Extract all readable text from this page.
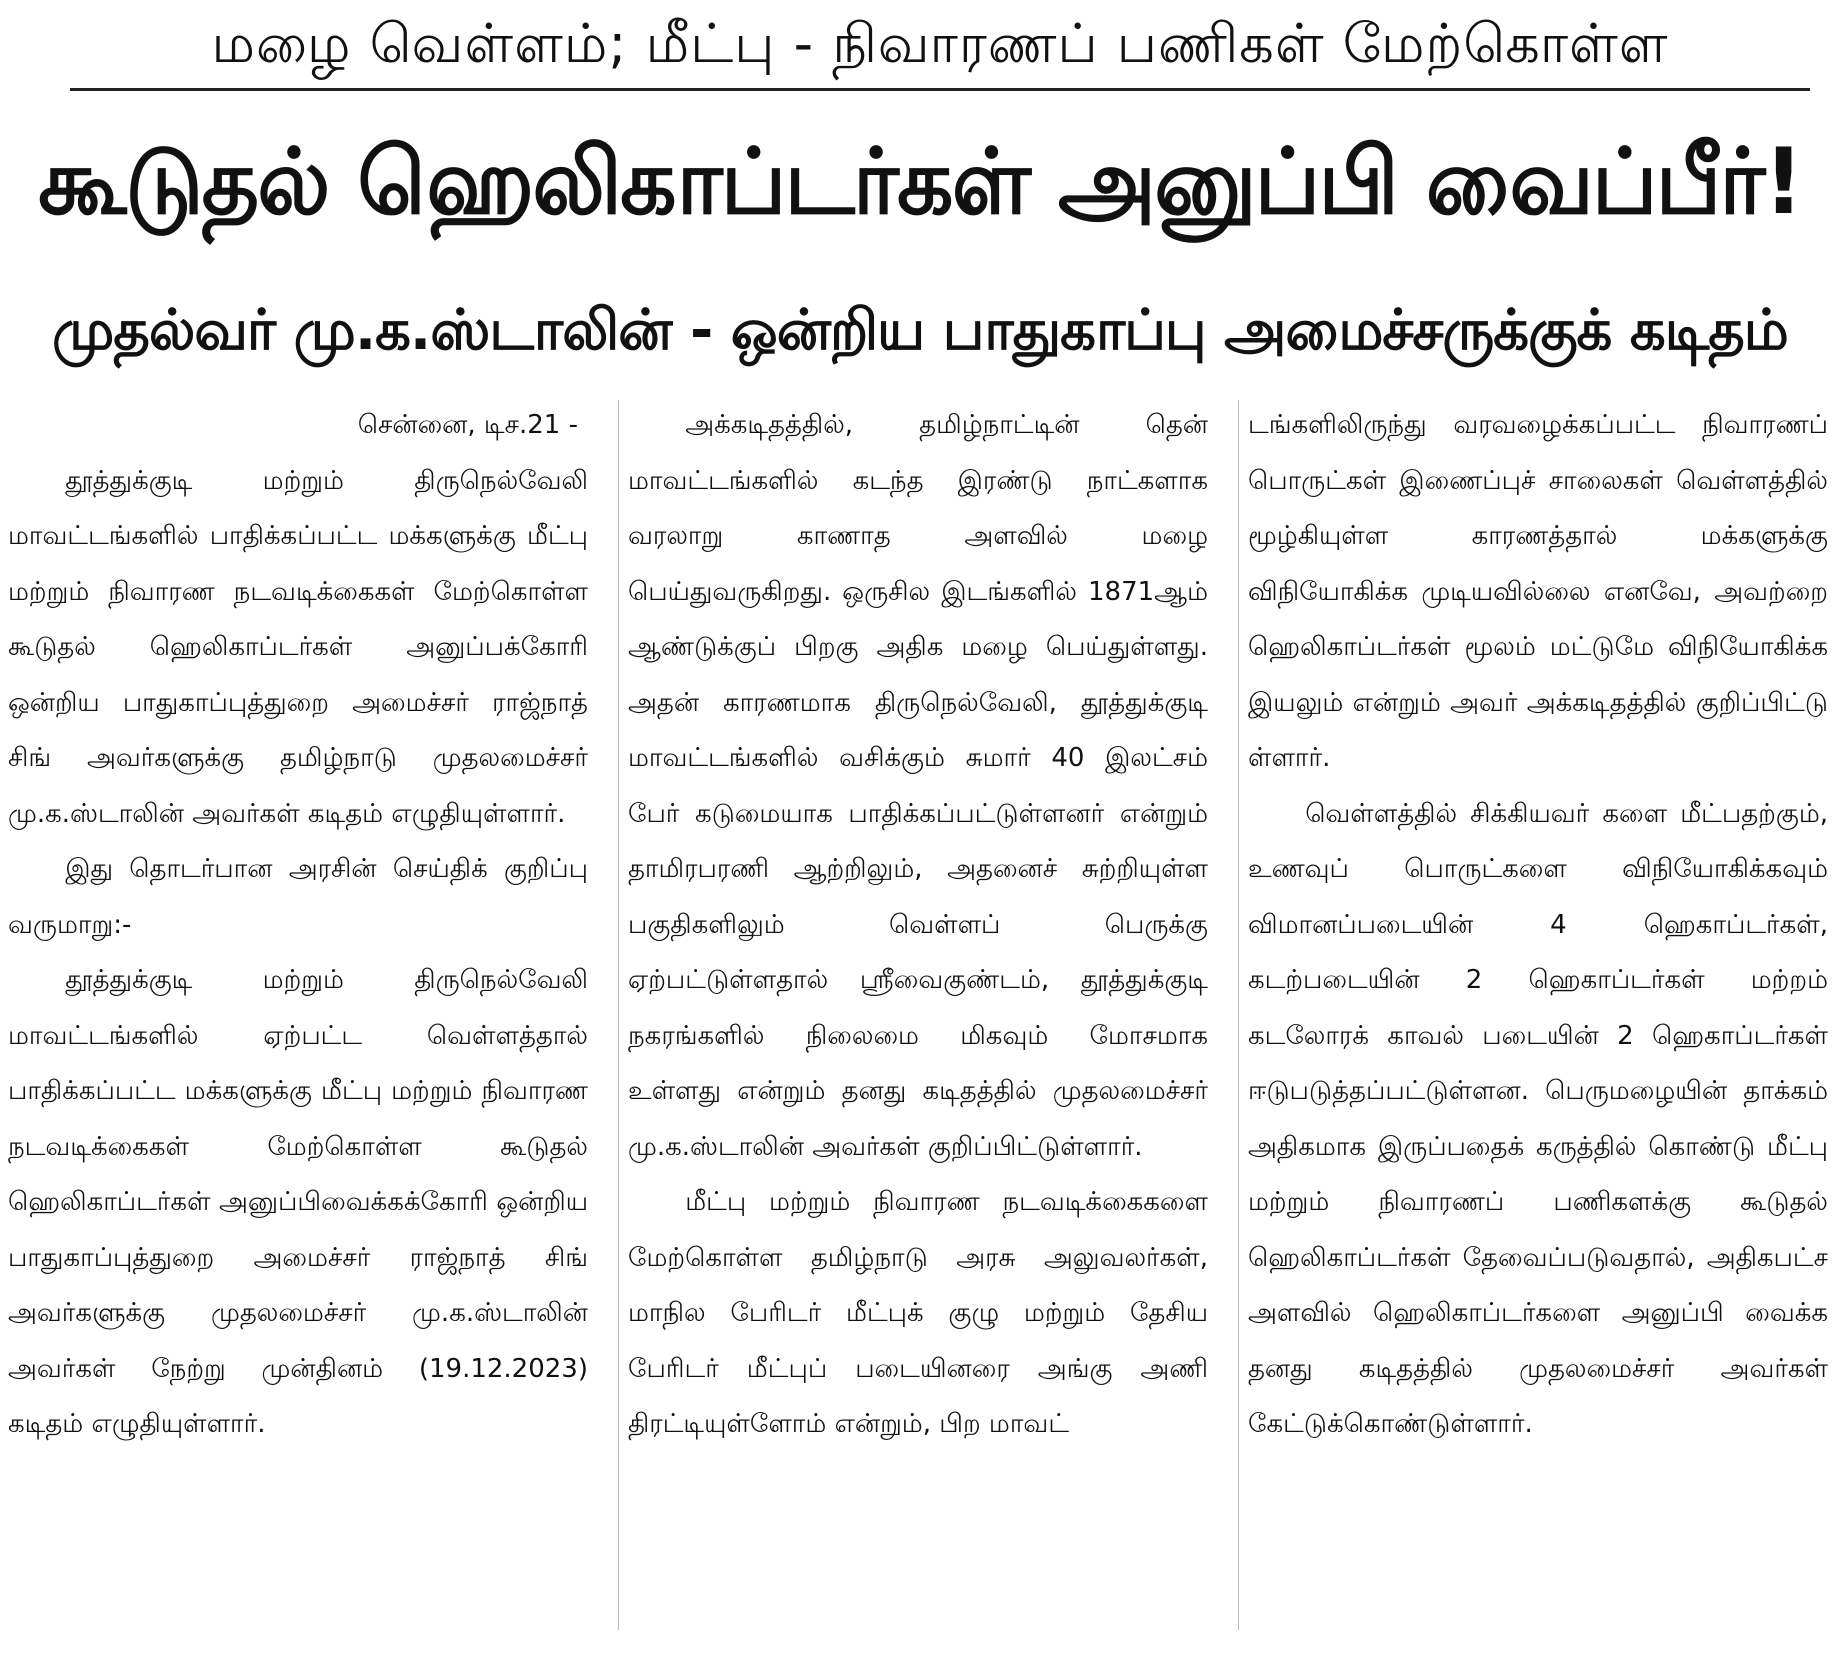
மழை வெள்ளம்; மீட்பு - நிவாரணப் பணிகள் மேற்கொள்ள
கூடுதல் ஹெலிகாப்டர்கள் அனுப்பி வைப்பீர்!
முதல்வர் மு.க.ஸ்டாலின் - ஒன்றிய பாதுகாப்பு அமைச்சருக்குக் கடிதம்

சென்னை, டிச.21 -

தூத்துக்குடி மற்றும் திருநெல்வேலி மாவட்டங்களில் பாதிக்கப்பட்ட மக்களுக்கு மீட்பு மற்றும் நிவாரண நடவடிக்கைகள் மேற்கொள்ள கூடுதல் ஹெலிகாப்டர்கள் அனுப்பக்கோரி ஒன்றிய பாதுகாப்புத்துறை அமைச்சர் ராஜ்நாத் சிங் அவர்களுக்கு தமிழ்நாடு முதலமைச்சர் மு.க.ஸ்டாலின் அவர்கள் கடிதம் எழுதியுள்ளார்.

இது தொடர்பான அரசின் செய்திக் குறிப்பு வருமாறு:-

தூத்துக்குடி மற்றும் திருநெல்வேலி மாவட்டங்களில் ஏற்பட்ட வெள்ளத்தால் பாதிக்கப்பட்ட மக்களுக்கு மீட்பு மற்றும் நிவாரண நடவடிக்கைகள் மேற்கொள்ள கூடுதல் ஹெலிகாப்டர்கள் அனுப்பிவைக்கக்கோரி ஒன்றிய பாதுகாப்புத்துறை அமைச்சர் ராஜ்நாத் சிங் அவர்களுக்கு முதலமைச்சர் மு.க.ஸ்டாலின் அவர்கள் நேற்று முன்தினம் (19.12.2023) கடிதம் எழுதியுள்ளார்.

அக்கடிதத்தில், தமிழ்நாட்டின் தென் மாவட்டங்களில் கடந்த இரண்டு நாட்களாக வரலாறு காணாத அளவில் மழை பெய்துவருகிறது. ஒருசில இடங்களில் 1871ஆம் ஆண்டுக்குப் பிறகு அதிக மழை பெய்துள்ளது. அதன் காரணமாக திருநெல்வேலி, தூத்துக்குடி மாவட்டங்களில் வசிக்கும் சுமார் 40 இலட்சம் பேர் கடுமையாக பாதிக்கப்பட்டுள்ளனர் என்றும் தாமிரபரணி ஆற்றிலும், அதனைச் சுற்றியுள்ள பகுதிகளிலும் வெள்ளப் பெருக்கு ஏற்பட்டுள்ளதால் ஸ்ரீவைகுண்டம், தூத்துக்குடி நகரங்களில் நிலைமை மிகவும் மோசமாக உள்ளது என்றும் தனது கடிதத்தில் முதலமைச்சர் மு.க.ஸ்டாலின் அவர்கள் குறிப்பிட்டுள்ளார்.

மீட்பு மற்றும் நிவாரண நடவடிக்கைகளை மேற்கொள்ள தமிழ்நாடு அரசு அலுவலர்கள், மாநில பேரிடர் மீட்புக் குழு மற்றும் தேசிய பேரிடர் மீட்புப் படையினரை அங்கு அணி திரட்டியுள்ளோம் என்றும், பிற மாவட்

டங்களிலிருந்து வரவழைக்கப்பட்ட நிவாரணப் பொருட்கள் இணைப்புச் சாலைகள் வெள்ளத்தில் மூழ்கியுள்ள காரணத்தால் மக்களுக்கு விநியோகிக்க முடியவில்லை எனவே, அவற்றை ஹெலிகாப்டர்கள் மூலம் மட்டுமே விநியோகிக்க இயலும் என்றும் அவர் அக்கடிதத்தில் குறிப்பிட்டு ள்ளார்.

வெள்ளத்தில் சிக்கியவர் களை மீட்பதற்கும், உணவுப் பொருட்களை விநியோகிக்கவும் விமானப்படையின் 4 ஹெகாப்டர்கள், கடற்படையின் 2 ஹெகாப்டர்கள் மற்றம் கடலோரக் காவல் படையின் 2 ஹெகாப்டர்கள் ஈடுபடுத்தப்பட்டுள்ளன. பெருமழையின் தாக்கம் அதிகமாக இருப்பதைக் கருத்தில் கொண்டு மீட்பு மற்றும் நிவாரணப் பணிகளக்கு கூடுதல் ஹெலிகாப்டர்கள் தேவைப்படுவதால், அதிகபட்ச அளவில் ஹெலிகாப்டர்களை அனுப்பி வைக்க தனது கடிதத்தில் முதலமைச்சர் அவர்கள் கேட்டுக்கொண்டுள்ளார்.
